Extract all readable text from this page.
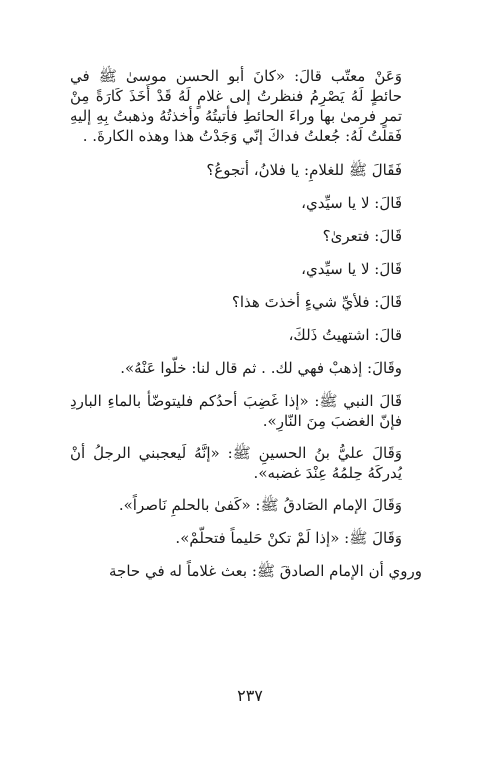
وَعَنْ معتّب قالَ: «كانَ أبو الحسن موسىٰ ﷺ في حائطٍ لَهُ يَصْرِمُ فنظرتُ إلى غلامٍ لَهُ قَدْ أَخَذَ كَارَةً مِنْ تمرٍ فرمىٰ بها وراءَ الحائطِ فأتيتُهُ وأخذتُهُ وذهبتُ بِهِ إليهِ فَقلتُ لَهُ: جُعلتُ فداكَ إنّي وَجَدْتُ هذا وهذه الكارةَ. .

فَقَالَ ﷺ للغلامِ: يا فلانُ، أتجوعُ؟
قَالَ: لا يا سيِّدي،
قَالَ: فتعرىٰ؟
قَالَ: لا يا سيِّدي،
قَالَ: فلأيِّ شيءٍ أخذتَ هذا؟
قالَ: اشتهيتُ ذَلكَ،
وقَالَ: إذهبْ فهي لك. . ثم قال لنا: خلّوا عَنْهُ».

قَالَ النبي ﷺ: «إذا غَضِبَ أحدُكم فليتوضّأ بالماءِ الباردِ فإنّ الغضبَ مِنَ النّارِ».

وَقَالَ عليُّ بنُ الحسينِ ﷺ: «إنَّهُ لَيعجبني الرجلُ أنْ يُدركَهُ حِلمُهُ عِنْدَ غضبه».

وَقَالَ الإمام الصَادقُ ﷺ: «كَفىٰ بالحلمِ نَاصراً».
وَقَالَ ﷺ: «إذا لَمْ تكنْ حَليماً فتحلّمْ».
وروي أن الإمام الصادقَ ﷺ: بعث غلاماً له في حاجة
٢٣٧
